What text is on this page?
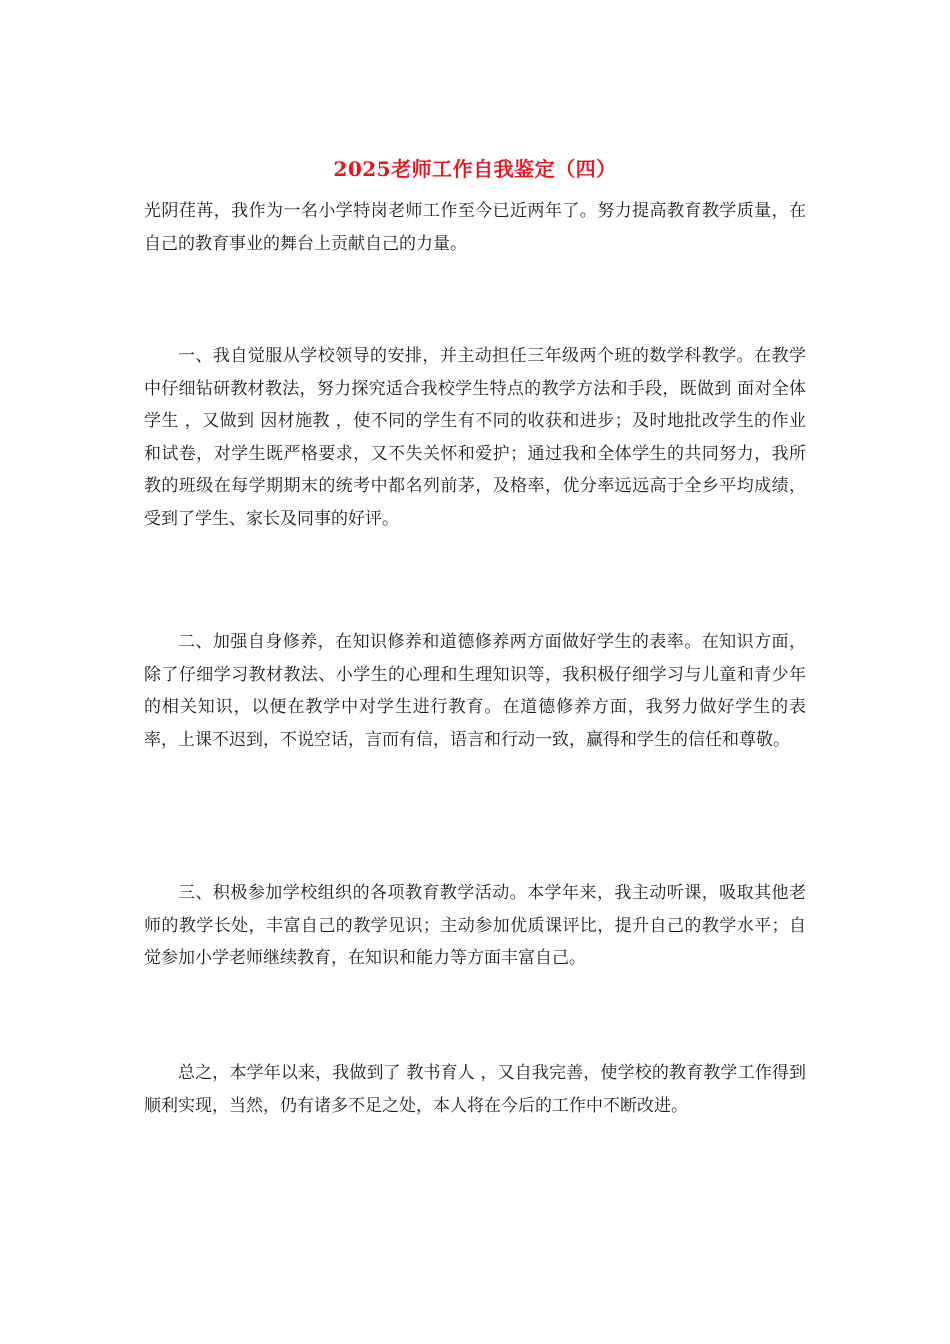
2025老师工作自我鉴定（四）

光阴荏苒，我作为一名小学特岗老师工作至今已近两年了。努力提高教育教学质量，在自己的教育事业的舞台上贡献自己的力量。

一、我自觉服从学校领导的安排，并主动担任三年级两个班的数学科教学。在教学中仔细钻研教材教法，努力探究适合我校学生特点的教学方法和手段，既做到 面对全体学生 ，又做到 因材施教 ，使不同的学生有不同的收获和进步；及时地批改学生的作业和试卷，对学生既严格要求，又不失关怀和爱护；通过我和全体学生的共同努力，我所教的班级在每学期期末的统考中都名列前茅，及格率，优分率远远高于全乡平均成绩，受到了学生、家长及同事的好评。

二、加强自身修养，在知识修养和道德修养两方面做好学生的表率。在知识方面，除了仔细学习教材教法、小学生的心理和生理知识等，我积极仔细学习与儿童和青少年的相关知识，以便在教学中对学生进行教育。在道德修养方面，我努力做好学生的表率，上课不迟到，不说空话，言而有信，语言和行动一致，赢得和学生的信任和尊敬。

三、积极参加学校组织的各项教育教学活动。本学年来，我主动听课，吸取其他老师的教学长处，丰富自己的教学见识；主动参加优质课评比，提升自己的教学水平；自觉参加小学老师继续教育，在知识和能力等方面丰富自己。

总之，本学年以来，我做到了 教书育人 ，又自我完善，使学校的教育教学工作得到顺利实现，当然，仍有诸多不足之处，本人将在今后的工作中不断改进。
